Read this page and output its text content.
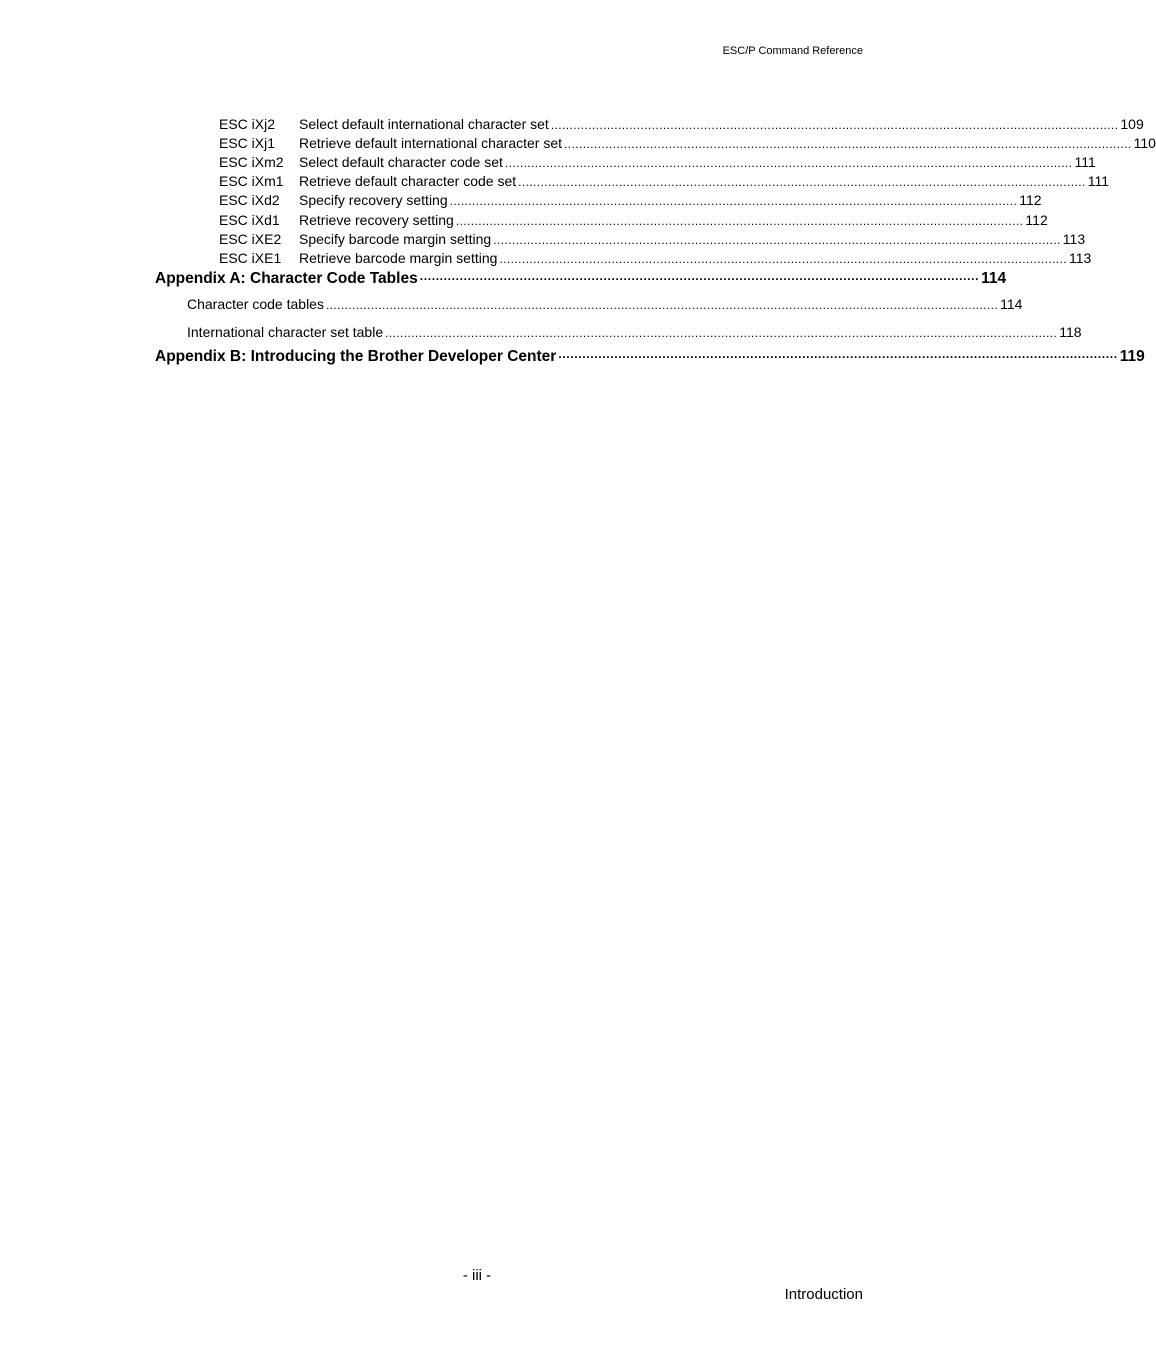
ESC/P Command Reference
ESC iXj2	Select default international character set ........................................................................................................................................................ 109
ESC iXj1	Retrieve default international character set ........................................................................................................................................................ 110
ESC iXm2	Select default character code set ........................................................................................................................................................ 111
ESC iXm1	Retrieve default character code set ........................................................................................................................................................ 111
ESC iXd2	Specify recovery setting ........................................................................................................................................................ 112
ESC iXd1	Retrieve recovery setting ........................................................................................................................................................ 112
ESC iXE2	Specify barcode margin setting ........................................................................................................................................................ 113
ESC iXE1	Retrieve barcode margin setting ........................................................................................................................................................ 113
Appendix A: Character Code Tables ············································································································································ 114
Character code tables .................................................................................................................................................................................... 114
International character set table .................................................................................................................................................................................... 118
Appendix B: Introducing the Brother Developer Center ············································································································································ 119
- iii -
Introduction
